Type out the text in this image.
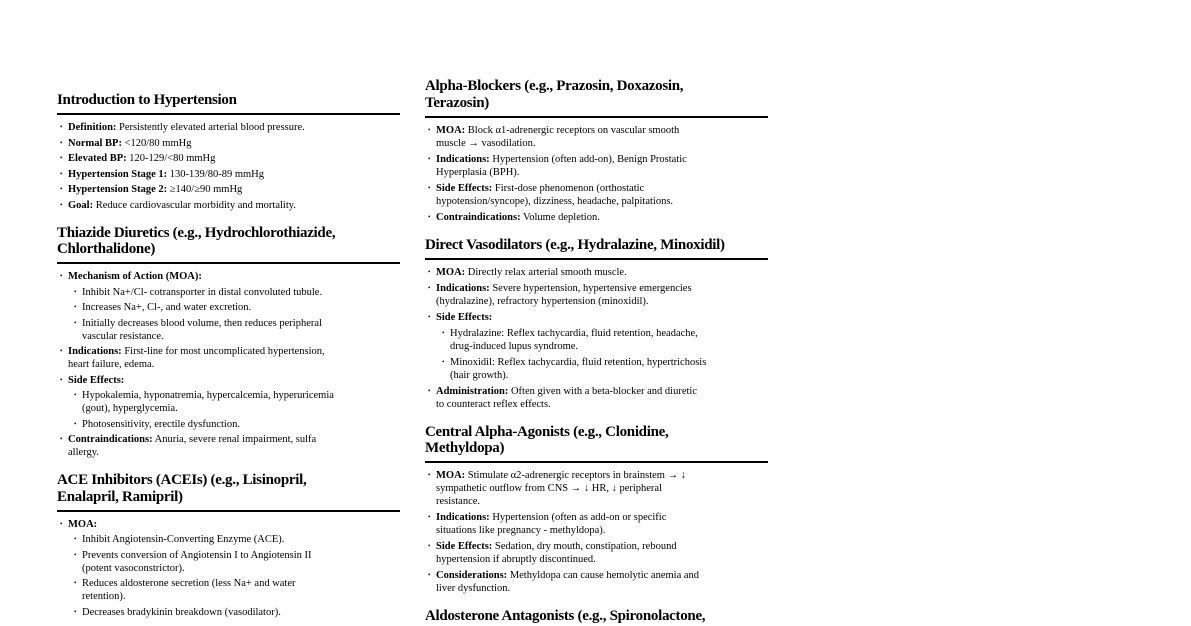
Introduction to Hypertension
• Definition: Persistently elevated arterial blood pressure.
• Normal BP: <120/80 mmHg
• Elevated BP: 120-129/<80 mmHg
• Hypertension Stage 1: 130-139/80-89 mmHg
• Hypertension Stage 2: ≥140/≥90 mmHg
• Goal: Reduce cardiovascular morbidity and mortality.
Thiazide Diuretics (e.g., Hydrochlorothiazide,
Chlorthalidone)
• Mechanism of Action (MOA):
• Inhibit Na+/Cl- cotransporter in distal convoluted tubule.
• Increases Na+, Cl-, and water excretion.
• Initially decreases blood volume, then reduces peripheral
vascular resistance.
• Indications: First-line for most uncomplicated hypertension,
heart failure, edema.
• Side Effects:
• Hypokalemia, hyponatremia, hypercalcemia, hyperuricemia
(gout), hyperglycemia.
• Photosensitivity, erectile dysfunction.
• Contraindications: Anuria, severe renal impairment, sulfa
allergy.
ACE Inhibitors (ACEIs) (e.g., Lisinopril,
Enalapril, Ramipril)
• MOA:
• Inhibit Angiotensin-Converting Enzyme (ACE).
• Prevents conversion of Angiotensin I to Angiotensin II
(potent vasoconstrictor).
• Reduces aldosterone secretion (less Na+ and water
retention).
• Decreases bradykinin breakdown (vasodilator).
Alpha-Blockers (e.g., Prazosin, Doxazosin,
Terazosin)
• MOA: Block α1-adrenergic receptors on vascular smooth
muscle → vasodilation.
• Indications: Hypertension (often add-on), Benign Prostatic
Hyperplasia (BPH).
• Side Effects: First-dose phenomenon (orthostatic
hypotension/syncope), dizziness, headache, palpitations.
• Contraindications: Volume depletion.
Direct Vasodilators (e.g., Hydralazine, Minoxidil)
• MOA: Directly relax arterial smooth muscle.
• Indications: Severe hypertension, hypertensive emergencies
(hydralazine), refractory hypertension (minoxidil).
• Side Effects:
• Hydralazine: Reflex tachycardia, fluid retention, headache,
drug-induced lupus syndrome.
• Minoxidil: Reflex tachycardia, fluid retention, hypertrichosis
(hair growth).
• Administration: Often given with a beta-blocker and diuretic
to counteract reflex effects.
Central Alpha-Agonists (e.g., Clonidine,
Methyldopa)
• MOA: Stimulate α2-adrenergic receptors in brainstem → ↓
sympathetic outflow from CNS → ↓ HR, ↓ peripheral
resistance.
• Indications: Hypertension (often as add-on or specific
situations like pregnancy - methyldopa).
• Side Effects: Sedation, dry mouth, constipation, rebound
hypertension if abruptly discontinued.
• Considerations: Methyldopa can cause hemolytic anemia and
liver dysfunction.
Aldosterone Antagonists (e.g., Spironolactone,
